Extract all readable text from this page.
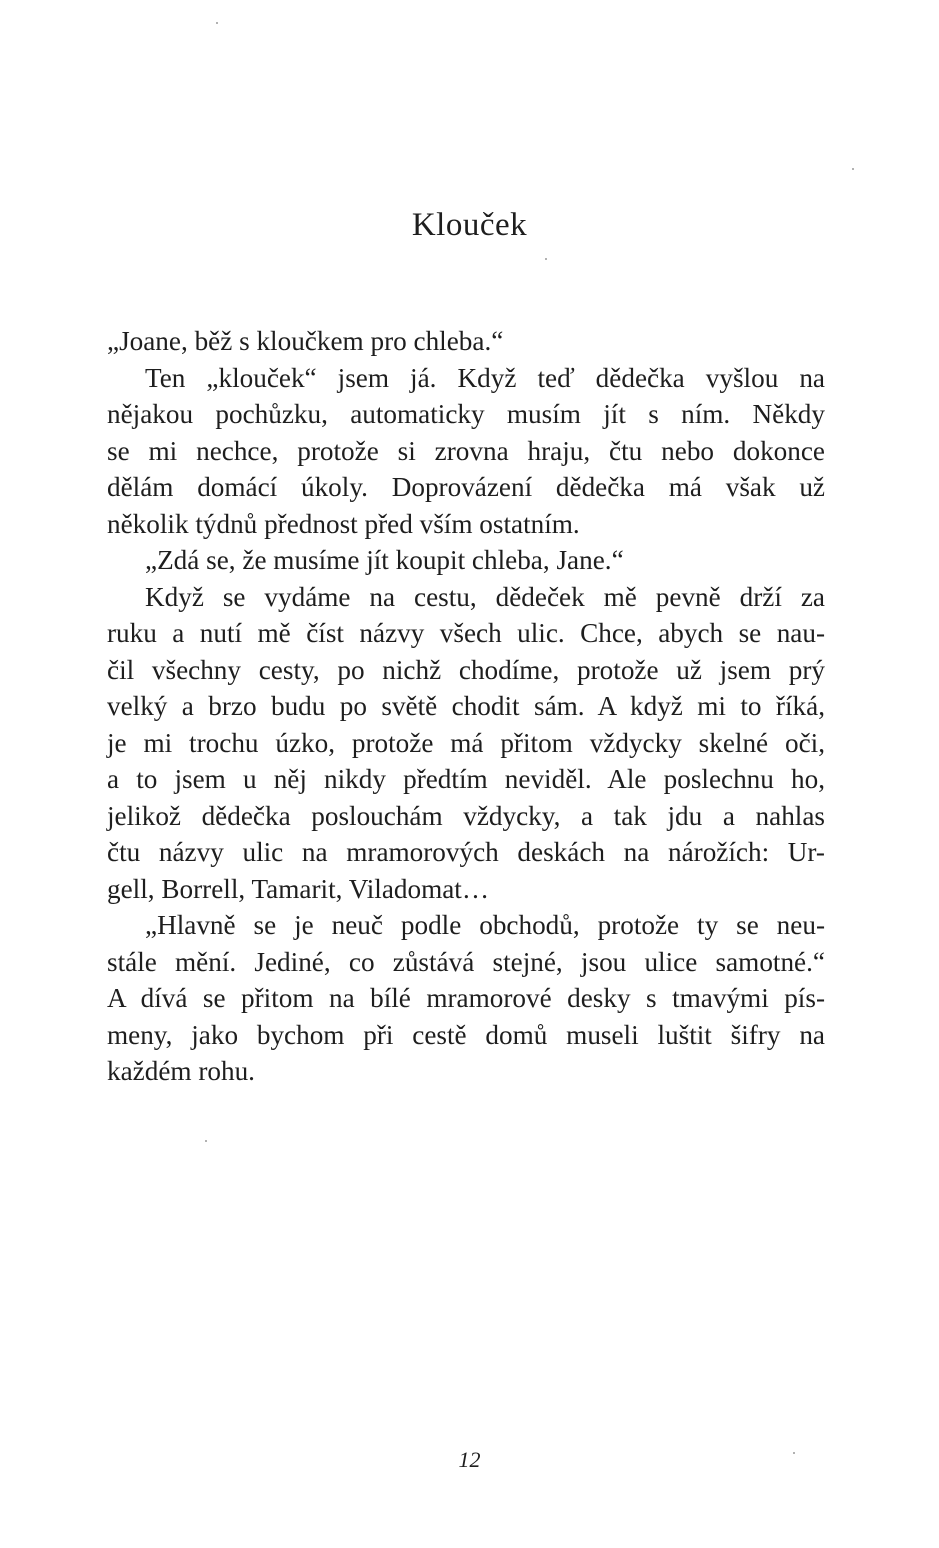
Klouček
„Joane, běž s kloučkem pro chleba.“
Ten „klouček“ jsem já. Když teď dědečka vyšlou na
nějakou pochůzku, automaticky musím jít s ním. Někdy
se mi nechce, protože si zrovna hraju, čtu nebo dokonce
dělám domácí úkoly. Doprovázení dědečka má však už
několik týdnů přednost před vším ostatním.
„Zdá se, že musíme jít koupit chleba, Jane.“
Když se vydáme na cestu, dědeček mě pevně drží za
ruku a nutí mě číst názvy všech ulic. Chce, abych se nau-
čil všechny cesty, po nichž chodíme, protože už jsem prý
velký a brzo budu po světě chodit sám. A když mi to říká,
je mi trochu úzko, protože má přitom vždycky skelné oči,
a to jsem u něj nikdy předtím neviděl. Ale poslechnu ho,
jelikož dědečka poslouchám vždycky, a tak jdu a nahlas
čtu názvy ulic na mramorových deskách na nárožích: Ur-
gell, Borrell, Tamarit, Viladomat…
„Hlavně se je neuč podle obchodů, protože ty se neu-
stále mění. Jediné, co zůstává stejné, jsou ulice samotné.“
A dívá se přitom na bílé mramorové desky s tmavými pís-
meny, jako bychom při cestě domů museli luštit šifry na
každém rohu.
12
